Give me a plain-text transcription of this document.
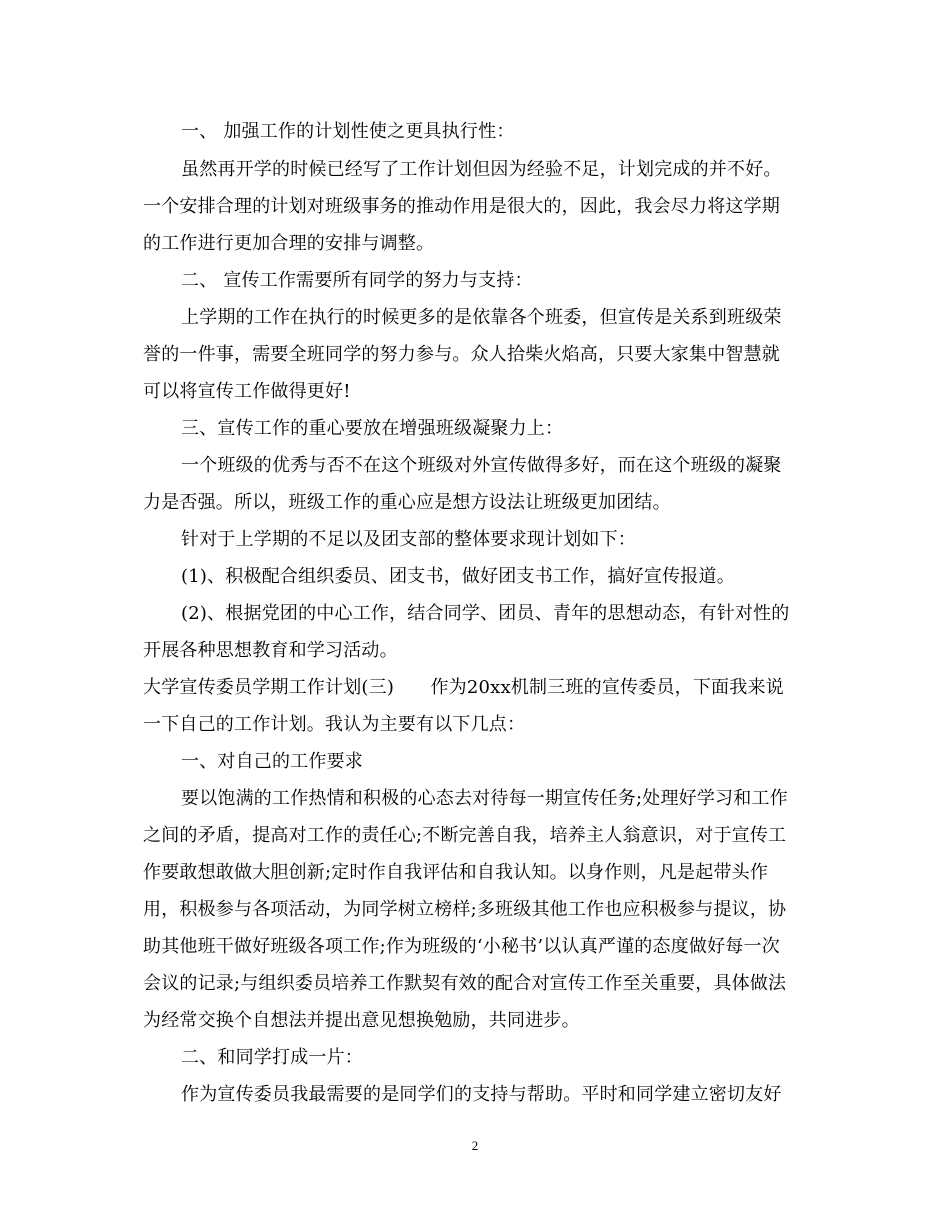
一、 加强工作的计划性使之更具执行性：
虽然再开学的时候已经写了工作计划但因为经验不足，计划完成的并不好。
一个安排合理的计划对班级事务的推动作用是很大的，因此，我会尽力将这学期
的工作进行更加合理的安排与调整。
二、 宣传工作需要所有同学的努力与支持：
上学期的工作在执行的时候更多的是依靠各个班委，但宣传是关系到班级荣
誉的一件事，需要全班同学的努力参与。众人拾柴火焰高，只要大家集中智慧就
可以将宣传工作做得更好!
三、宣传工作的重心要放在增强班级凝聚力上：
一个班级的优秀与否不在这个班级对外宣传做得多好，而在这个班级的凝聚
力是否强。所以，班级工作的重心应是想方设法让班级更加团结。
针对于上学期的不足以及团支部的整体要求现计划如下：
(1)、积极配合组织委员、团支书，做好团支书工作，搞好宣传报道。
(2)、根据党团的中心工作，结合同学、团员、青年的思想动态，有针对性的
开展各种思想教育和学习活动。
大学宣传委员学期工作计划(三)　　作为20xx机制三班的宣传委员，下面我来说
一下自己的工作计划。我认为主要有以下几点：
一、对自己的工作要求
要以饱满的工作热情和积极的心态去对待每一期宣传任务;处理好学习和工作
之间的矛盾，提高对工作的责任心;不断完善自我，培养主人翁意识，对于宣传工
作要敢想敢做大胆创新;定时作自我评估和自我认知。以身作则，凡是起带头作
用，积极参与各项活动，为同学树立榜样;多班级其他工作也应积极参与提议，协
助其他班干做好班级各项工作;作为班级的‘小秘书’以认真严谨的态度做好每一次
会议的记录;与组织委员培养工作默契有效的配合对宣传工作至关重要，具体做法
为经常交换个自想法并提出意见想换勉励，共同进步。
二、和同学打成一片：
作为宣传委员我最需要的是同学们的支持与帮助。平时和同学建立密切友好
2
